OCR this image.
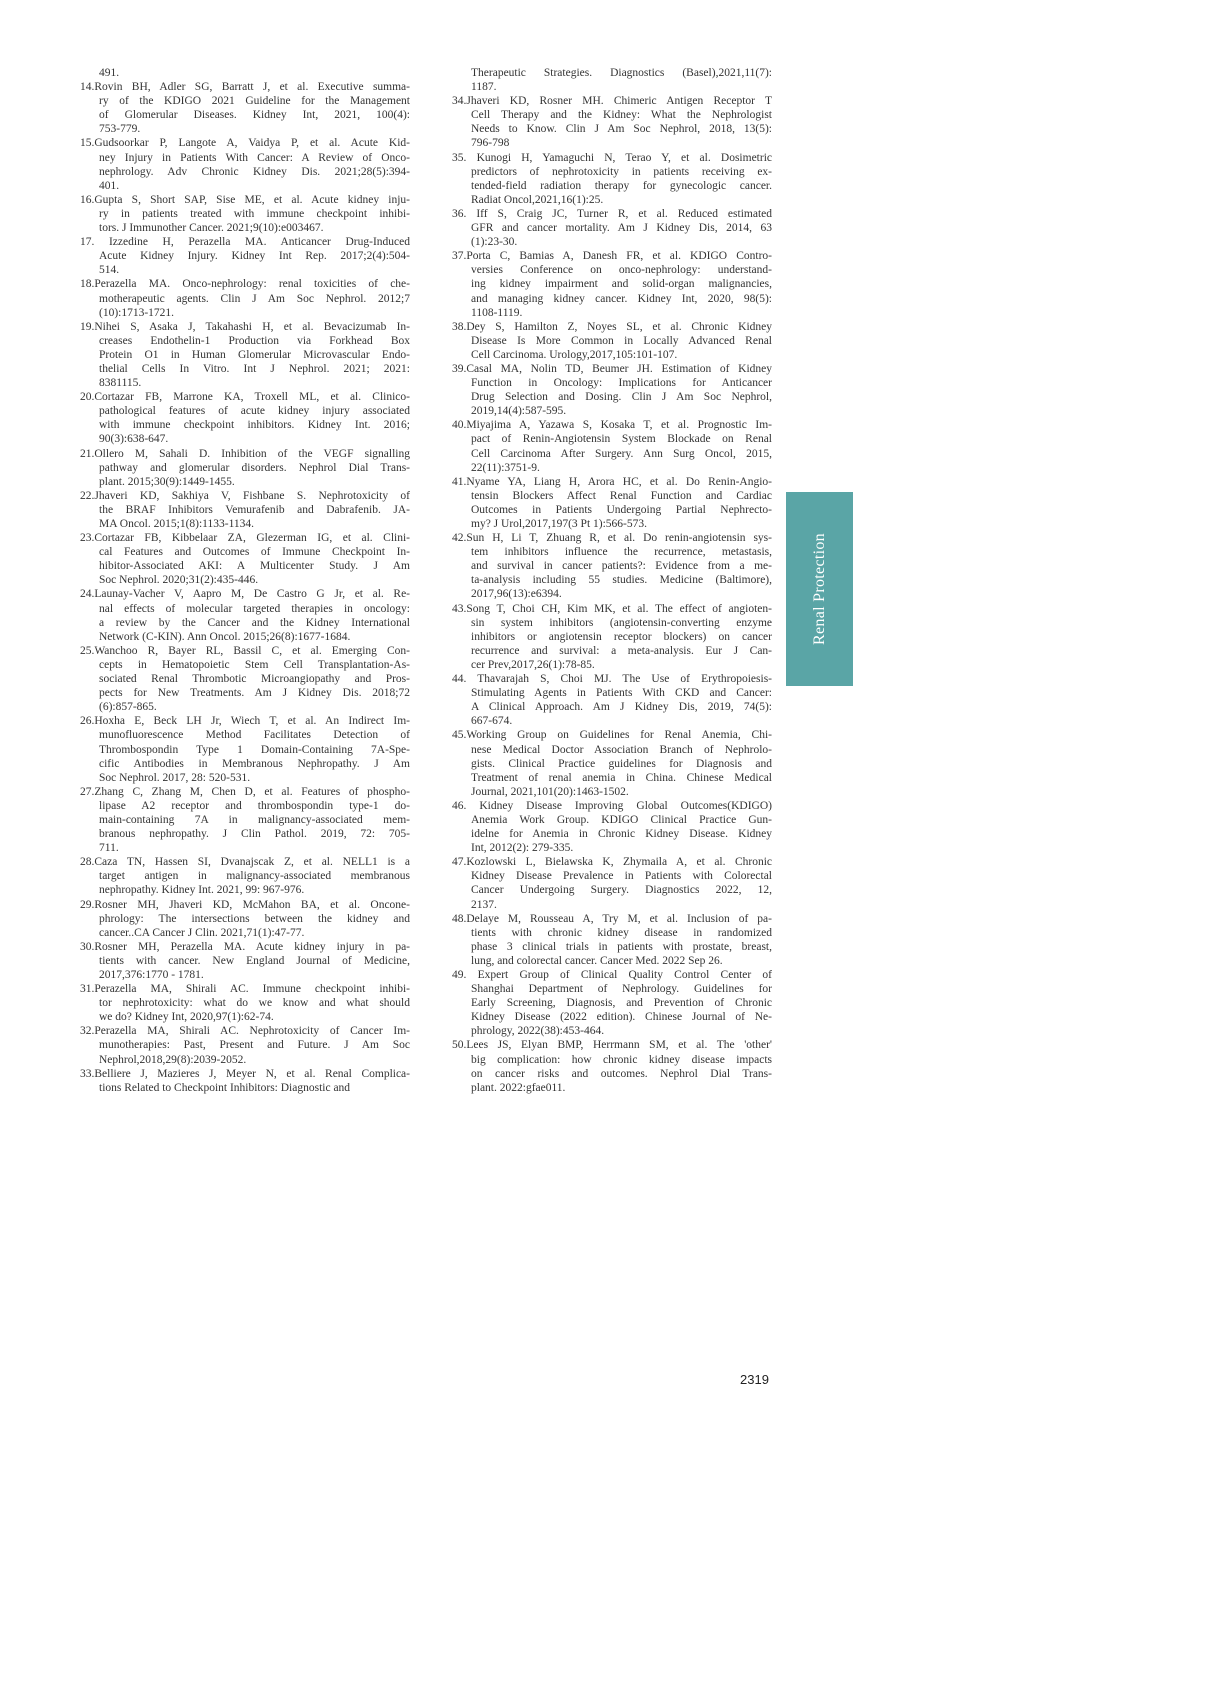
491.

14.Rovin BH, Adler SG, Barratt J, et al. Executive summa-
ry of the KDIGO 2021 Guideline for the Management
of Glomerular Diseases. Kidney Int, 2021, 100(4):
753-779.

15.Gudsoorkar P, Langote A, Vaidya P, et al. Acute Kid-
ney Injury in Patients With Cancer: A Review of Onco-
nephrology. Adv Chronic Kidney Dis. 2021;28(5):394-
401.

16.Gupta S, Short SAP, Sise ME, et al. Acute kidney inju-
ry in patients treated with immune checkpoint inhibi-
tors. J Immunother Cancer. 2021;9(10):e003467.

17. Izzedine H, Perazella MA. Anticancer Drug-Induced
Acute Kidney Injury. Kidney Int Rep. 2017;2(4):504-
514.

18.Perazella MA. Onco-nephrology: renal toxicities of che-
motherapeutic agents. Clin J Am Soc Nephrol. 2012;7
(10):1713-1721.

19.Nihei S, Asaka J, Takahashi H, et al. Bevacizumab In-
creases Endothelin-1 Production via Forkhead Box
Protein O1 in Human Glomerular Microvascular Endo-
thelial Cells In Vitro. Int J Nephrol. 2021; 2021:
8381115.

20.Cortazar FB, Marrone KA, Troxell ML, et al. Clinico-
pathological features of acute kidney injury associated
with immune checkpoint inhibitors. Kidney Int. 2016;
90(3):638-647.

21.Ollero M, Sahali D. Inhibition of the VEGF signalling
pathway and glomerular disorders. Nephrol Dial Trans-
plant. 2015;30(9):1449-1455.

22.Jhaveri KD, Sakhiya V, Fishbane S. Nephrotoxicity of
the BRAF Inhibitors Vemurafenib and Dabrafenib. JA-
MA Oncol. 2015;1(8):1133-1134.

23.Cortazar FB, Kibbelaar ZA, Glezerman IG, et al. Clini-
cal Features and Outcomes of Immune Checkpoint In-
hibitor-Associated AKI: A Multicenter Study. J Am
Soc Nephrol. 2020;31(2):435-446.

24.Launay-Vacher V, Aapro M, De Castro G Jr, et al. Re-
nal effects of molecular targeted therapies in oncology:
a review by the Cancer and the Kidney International
Network (C-KIN). Ann Oncol. 2015;26(8):1677-1684.

25.Wanchoo R, Bayer RL, Bassil C, et al. Emerging Con-
cepts in Hematopoietic Stem Cell Transplantation-As-
sociated Renal Thrombotic Microangiopathy and Pros-
pects for New Treatments. Am J Kidney Dis. 2018;72
(6):857-865.

26.Hoxha E, Beck LH Jr, Wiech T, et al. An Indirect Im-
munofluorescence Method Facilitates Detection of
Thrombospondin Type 1 Domain-Containing 7A-Spe-
cific Antibodies in Membranous Nephropathy. J Am
Soc Nephrol. 2017, 28: 520-531.

27.Zhang C, Zhang M, Chen D, et al. Features of phospho-
lipase A2 receptor and thrombospondin type-1 do-
main-containing 7A in malignancy-associated mem-
branous nephropathy. J Clin Pathol. 2019, 72: 705-
711.

28.Caza TN, Hassen SI, Dvanajscak Z, et al. NELL1 is a
target antigen in malignancy-associated membranous
nephropathy. Kidney Int. 2021, 99: 967-976.

29.Rosner MH, Jhaveri KD, McMahon BA, et al. Oncone-
phrology: The intersections between the kidney and
cancer..CA Cancer J Clin. 2021,71(1):47-77.

30.Rosner MH, Perazella MA. Acute kidney injury in pa-
tients with cancer. New England Journal of Medicine,
2017,376:1770 - 1781.

31.Perazella MA, Shirali AC. Immune checkpoint inhibi-
tor nephrotoxicity: what do we know and what should
we do? Kidney Int, 2020,97(1):62-74.

32.Perazella MA, Shirali AC. Nephrotoxicity of Cancer Im-
munotherapies: Past, Present and Future. J Am Soc
Nephrol,2018,29(8):2039-2052.

33.Belliere J, Mazieres J, Meyer N, et al. Renal Complica-
tions Related to Checkpoint Inhibitors: Diagnostic and

Therapeutic Strategies. Diagnostics (Basel),2021,11(7):
1187.

34.Jhaveri KD, Rosner MH. Chimeric Antigen Receptor T
Cell Therapy and the Kidney: What the Nephrologist
Needs to Know. Clin J Am Soc Nephrol, 2018, 13(5):
796-798

35. Kunogi H, Yamaguchi N, Terao Y, et al. Dosimetric
predictors of nephrotoxicity in patients receiving ex-
tended-field radiation therapy for gynecologic cancer.
Radiat Oncol,2021,16(1):25.

36. Iff S, Craig JC, Turner R, et al. Reduced estimated
GFR and cancer mortality. Am J Kidney Dis, 2014, 63
(1):23-30.

37.Porta C, Bamias A, Danesh FR, et al. KDIGO Contro-
versies Conference on onco-nephrology: understand-
ing kidney impairment and solid-organ malignancies,
and managing kidney cancer. Kidney Int, 2020, 98(5):
1108-1119.

38.Dey S, Hamilton Z, Noyes SL, et al. Chronic Kidney
Disease Is More Common in Locally Advanced Renal
Cell Carcinoma. Urology,2017,105:101-107.

39.Casal MA, Nolin TD, Beumer JH. Estimation of Kidney
Function in Oncology: Implications for Anticancer
Drug Selection and Dosing. Clin J Am Soc Nephrol,
2019,14(4):587-595.

40.Miyajima A, Yazawa S, Kosaka T, et al. Prognostic Im-
pact of Renin-Angiotensin System Blockade on Renal
Cell Carcinoma After Surgery. Ann Surg Oncol, 2015,
22(11):3751-9.

41.Nyame YA, Liang H, Arora HC, et al. Do Renin-Angio-
tensin Blockers Affect Renal Function and Cardiac
Outcomes in Patients Undergoing Partial Nephrecto-
my? J Urol,2017,197(3 Pt 1):566-573.

42.Sun H, Li T, Zhuang R, et al. Do renin-angiotensin sys-
tem inhibitors influence the recurrence, metastasis,
and survival in cancer patients?: Evidence from a me-
ta-analysis including 55 studies. Medicine (Baltimore),
2017,96(13):e6394.

43.Song T, Choi CH, Kim MK, et al. The effect of angioten-
sin system inhibitors (angiotensin-converting enzyme
inhibitors or angiotensin receptor blockers) on cancer
recurrence and survival: a meta-analysis. Eur J Can-
cer Prev,2017,26(1):78-85.

44. Thavarajah S, Choi MJ. The Use of Erythropoiesis-
Stimulating Agents in Patients With CKD and Cancer:
A Clinical Approach. Am J Kidney Dis, 2019, 74(5):
667-674.

45.Working Group on Guidelines for Renal Anemia, Chi-
nese Medical Doctor Association Branch of Nephrolo-
gists. Clinical Practice guidelines for Diagnosis and
Treatment of renal anemia in China. Chinese Medical
Journal, 2021,101(20):1463-1502.

46. Kidney Disease Improving Global Outcomes(KDIGO)
Anemia Work Group. KDIGO Clinical Practice Gun-
idelne for Anemia in Chronic Kidney Disease. Kidney
Int, 2012(2): 279-335.

47.Kozlowski L, Bielawska K, Zhymaila A, et al. Chronic
Kidney Disease Prevalence in Patients with Colorectal
Cancer Undergoing Surgery. Diagnostics 2022, 12,
2137.

48.Delaye M, Rousseau A, Try M, et al. Inclusion of pa-
tients with chronic kidney disease in randomized
phase 3 clinical trials in patients with prostate, breast,
lung, and colorectal cancer. Cancer Med. 2022 Sep 26.

49. Expert Group of Clinical Quality Control Center of
Shanghai Department of Nephrology. Guidelines for
Early Screening, Diagnosis, and Prevention of Chronic
Kidney Disease (2022 edition). Chinese Journal of Ne-
phrology, 2022(38):453-464.

50.Lees JS, Elyan BMP, Herrmann SM, et al. The 'other'
big complication: how chronic kidney disease impacts
on cancer risks and outcomes. Nephrol Dial Trans-
plant. 2022:gfae011.

Renal Protection
2319
